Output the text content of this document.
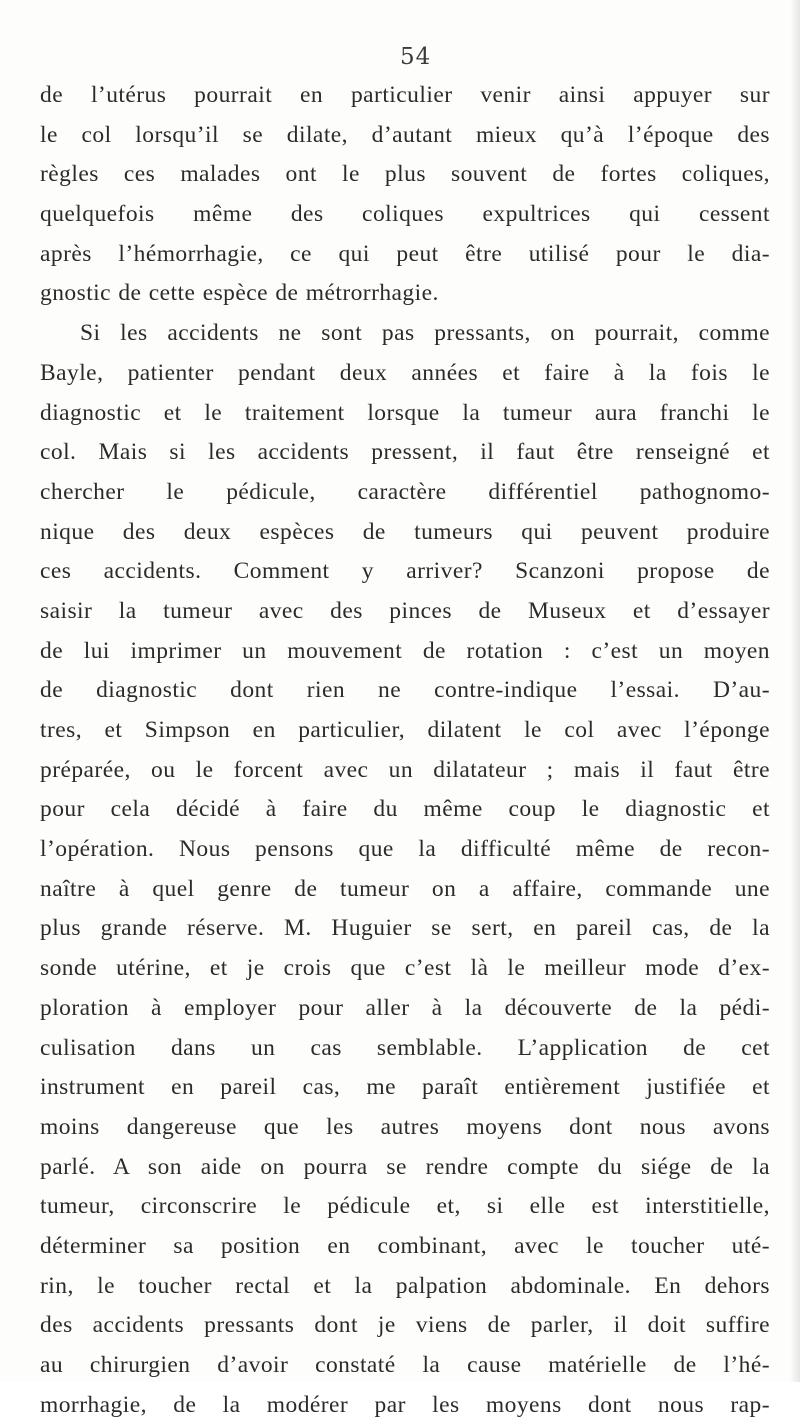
54
de l’utérus pourrait en particulier venir ainsi appuyer sur
le col lorsqu’il se dilate, d’autant mieux qu’à l’époque des
règles ces malades ont le plus souvent de fortes coliques,
quelquefois même des coliques expultrices qui cessent
après l’hémorrhagie, ce qui peut être utilisé pour le dia-
gnostic de cette espèce de métrorrhagie.
Si les accidents ne sont pas pressants, on pourrait, comme
Bayle, patienter pendant deux années et faire à la fois le
diagnostic et le traitement lorsque la tumeur aura franchi le
col. Mais si les accidents pressent, il faut être renseigné et
chercher le pédicule, caractère différentiel pathognomo-
nique des deux espèces de tumeurs qui peuvent produire
ces accidents. Comment y arriver? Scanzoni propose de
saisir la tumeur avec des pinces de Museux et d’essayer
de lui imprimer un mouvement de rotation : c’est un moyen
de diagnostic dont rien ne contre-indique l’essai. D’au-
tres, et Simpson en particulier, dilatent le col avec l’éponge
préparée, ou le forcent avec un dilatateur ; mais il faut être
pour cela décidé à faire du même coup le diagnostic et
l’opération. Nous pensons que la difficulté même de recon-
naître à quel genre de tumeur on a affaire, commande une
plus grande réserve. M. Huguier se sert, en pareil cas, de la
sonde utérine, et je crois que c’est là le meilleur mode d’ex-
ploration à employer pour aller à la découverte de la pédi-
culisation dans un cas semblable. L’application de cet
instrument en pareil cas, me paraît entièrement justifiée et
moins dangereuse que les autres moyens dont nous avons
parlé. A son aide on pourra se rendre compte du siége de la
tumeur, circonscrire le pédicule et, si elle est interstitielle,
déterminer sa position en combinant, avec le toucher uté-
rin, le toucher rectal et la palpation abdominale. En dehors
des accidents pressants dont je viens de parler, il doit suffire
au chirurgien d’avoir constaté la cause matérielle de l’hé-
morrhagie, de la modérer par les moyens dont nous rap-
